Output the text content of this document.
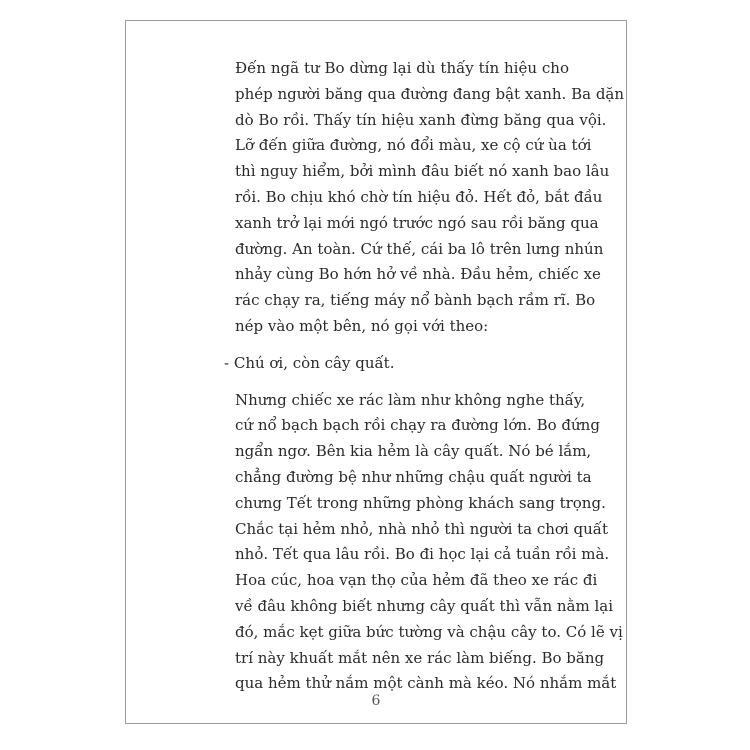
Đến ngã tư Bo dừng lại dù thấy tín hiệu cho
phép người băng qua đường đang bật xanh. Ba dặn
dò Bo rồi. Thấy tín hiệu xanh đừng băng qua vội.
Lỡ đến giữa đường, nó đổi màu, xe cộ cứ ùa tới
thì nguy hiểm, bởi mình đâu biết nó xanh bao lâu
rồi. Bo chịu khó chờ tín hiệu đỏ. Hết đỏ, bắt đầu
xanh trở lại mới ngó trước ngó sau rồi băng qua
đường. An toàn. Cứ thế, cái ba lô trên lưng nhún
nhảy cùng Bo hớn hở về nhà. Đầu hẻm, chiếc xe
rác chạy ra, tiếng máy nổ bành bạch rầm rĩ. Bo
nép vào một bên, nó gọi với theo:

- Chú ơi, còn cây quất.

Nhưng chiếc xe rác làm như không nghe thấy,
cứ nổ bạch bạch rồi chạy ra đường lớn. Bo đứng
ngẩn ngơ. Bên kia hẻm là cây quất. Nó bé lắm,
chẳng đường bệ như những chậu quất người ta
chưng Tết trong những phòng khách sang trọng.
Chắc tại hẻm nhỏ, nhà nhỏ thì người ta chơi quất
nhỏ. Tết qua lâu rồi. Bo đi học lại cả tuần rồi mà.
Hoa cúc, hoa vạn thọ của hẻm đã theo xe rác đi
về đâu không biết nhưng cây quất thì vẫn nằm lại
đó, mắc kẹt giữa bức tường và chậu cây to. Có lẽ vị
trí này khuất mắt nên xe rác làm biếng. Bo băng
qua hẻm thử nắm một cành mà kéo. Nó nhắm mắt

6
